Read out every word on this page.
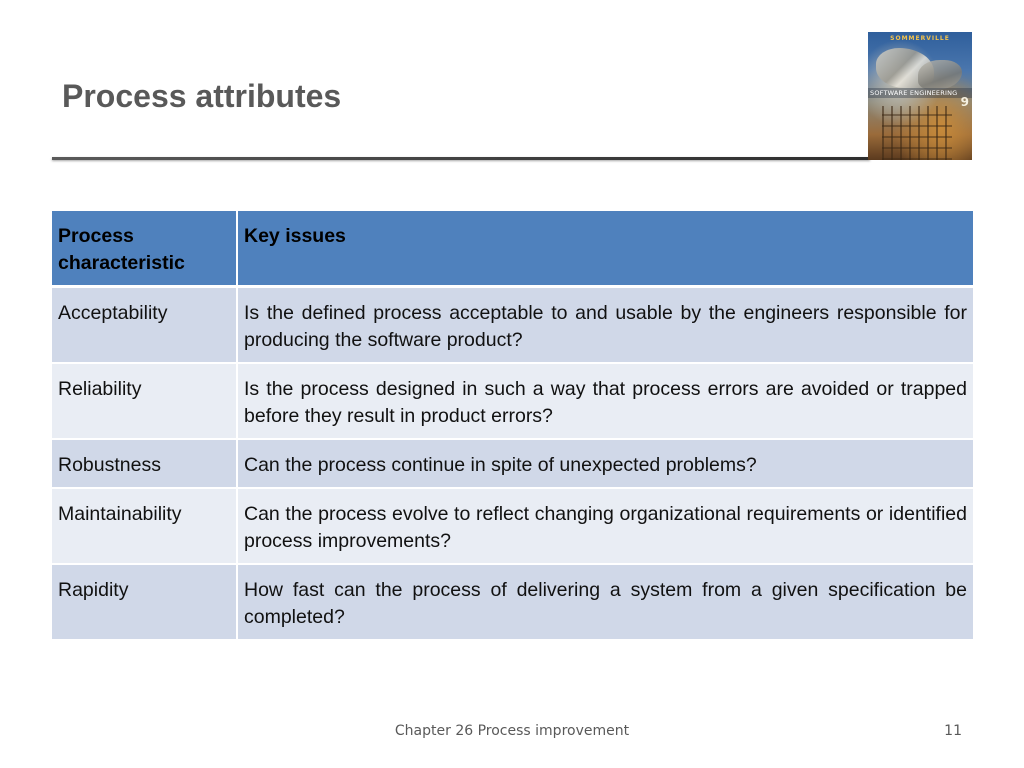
Process attributes
SOMMERVILLE
SOFTWARE ENGINEERING
9
Process characteristic	Key issues
Acceptability	Is the defined process acceptable to and usable by the engineers responsible for producing the software product?
Reliability	Is the process designed in such a way that process errors are avoided or trapped before they result in product errors?
Robustness	Can the process continue in spite of unexpected problems?
Maintainability	Can the process evolve to reflect changing organizational requirements or identified process improvements?
Rapidity	How fast can the process of delivering a system from a given specification be completed?
Chapter 26 Process improvement	11
